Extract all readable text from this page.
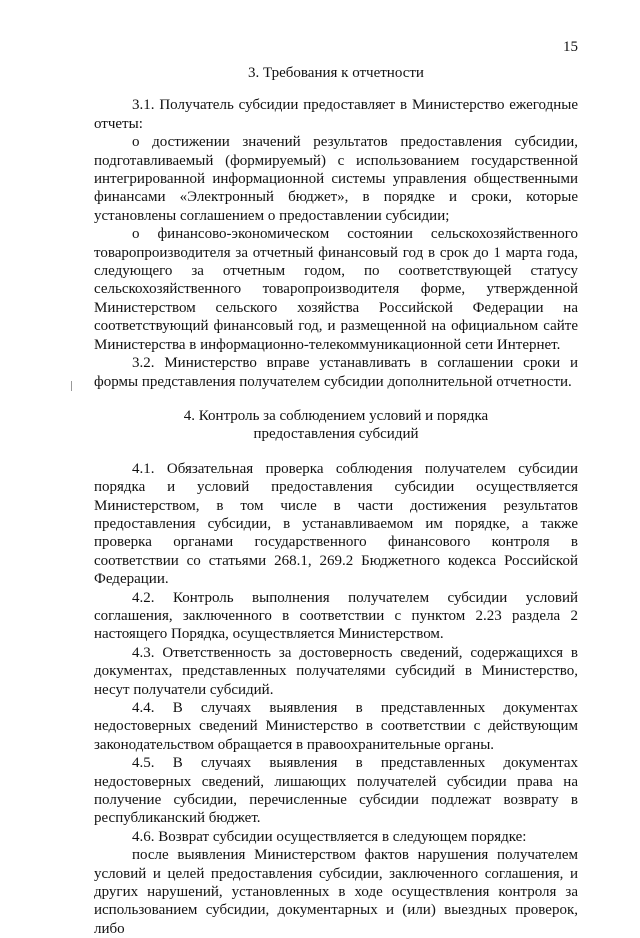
15
3. Требования к отчетности

3.1. Получатель субсидии предоставляет в Министерство ежегодные отчеты:

о достижении значений результатов предоставления субсидии, подготавливаемый (формируемый) с использованием государственной интегрированной информационной системы управления общественными финансами «Электронный бюджет», в порядке и сроки, которые установлены соглашением о предоставлении субсидии;

о финансово-экономическом состоянии сельскохозяйственного товаропроизводителя за отчетный финансовый год в срок до 1 марта года, следующего за отчетным годом, по соответствующей статусу сельскохозяйственного товаропроизводителя форме, утвержденной Министерством сельского хозяйства Российской Федерации на соответствующий финансовый год, и размещенной на официальном сайте Министерства в информационно-телекоммуникационной сети Интернет.

3.2. Министерство вправе устанавливать в соглашении сроки и формы представления получателем субсидии дополнительной отчетности.

4. Контроль за соблюдением условий и порядка
предоставления субсидий

4.1. Обязательная проверка соблюдения получателем субсидии порядка и условий предоставления субсидии осуществляется Министерством, в том числе в части достижения результатов предоставления субсидии, в устанавливаемом им порядке, а также проверка органами государственного финансового контроля в соответствии со статьями 268.1, 269.2 Бюджетного кодекса Российской Федерации.

4.2. Контроль выполнения получателем субсидии условий соглашения, заключенного в соответствии с пунктом 2.23 раздела 2 настоящего Порядка, осуществляется Министерством.

4.3. Ответственность за достоверность сведений, содержащихся в документах, представленных получателями субсидий в Министерство, несут получатели субсидий.

4.4. В случаях выявления в представленных документах недостоверных сведений Министерство в соответствии с действующим законодательством обращается в правоохранительные органы.

4.5. В случаях выявления в представленных документах недостоверных сведений, лишающих получателей субсидии права на получение субсидии, перечисленные субсидии подлежат возврату в республиканский бюджет.

4.6. Возврат субсидии осуществляется в следующем порядке:

после выявления Министерством фактов нарушения получателем условий и целей предоставления субсидии, заключенного соглашения, и других нарушений, установленных в ходе осуществления контроля за использованием субсидии, документарных и (или) выездных проверок, либо
